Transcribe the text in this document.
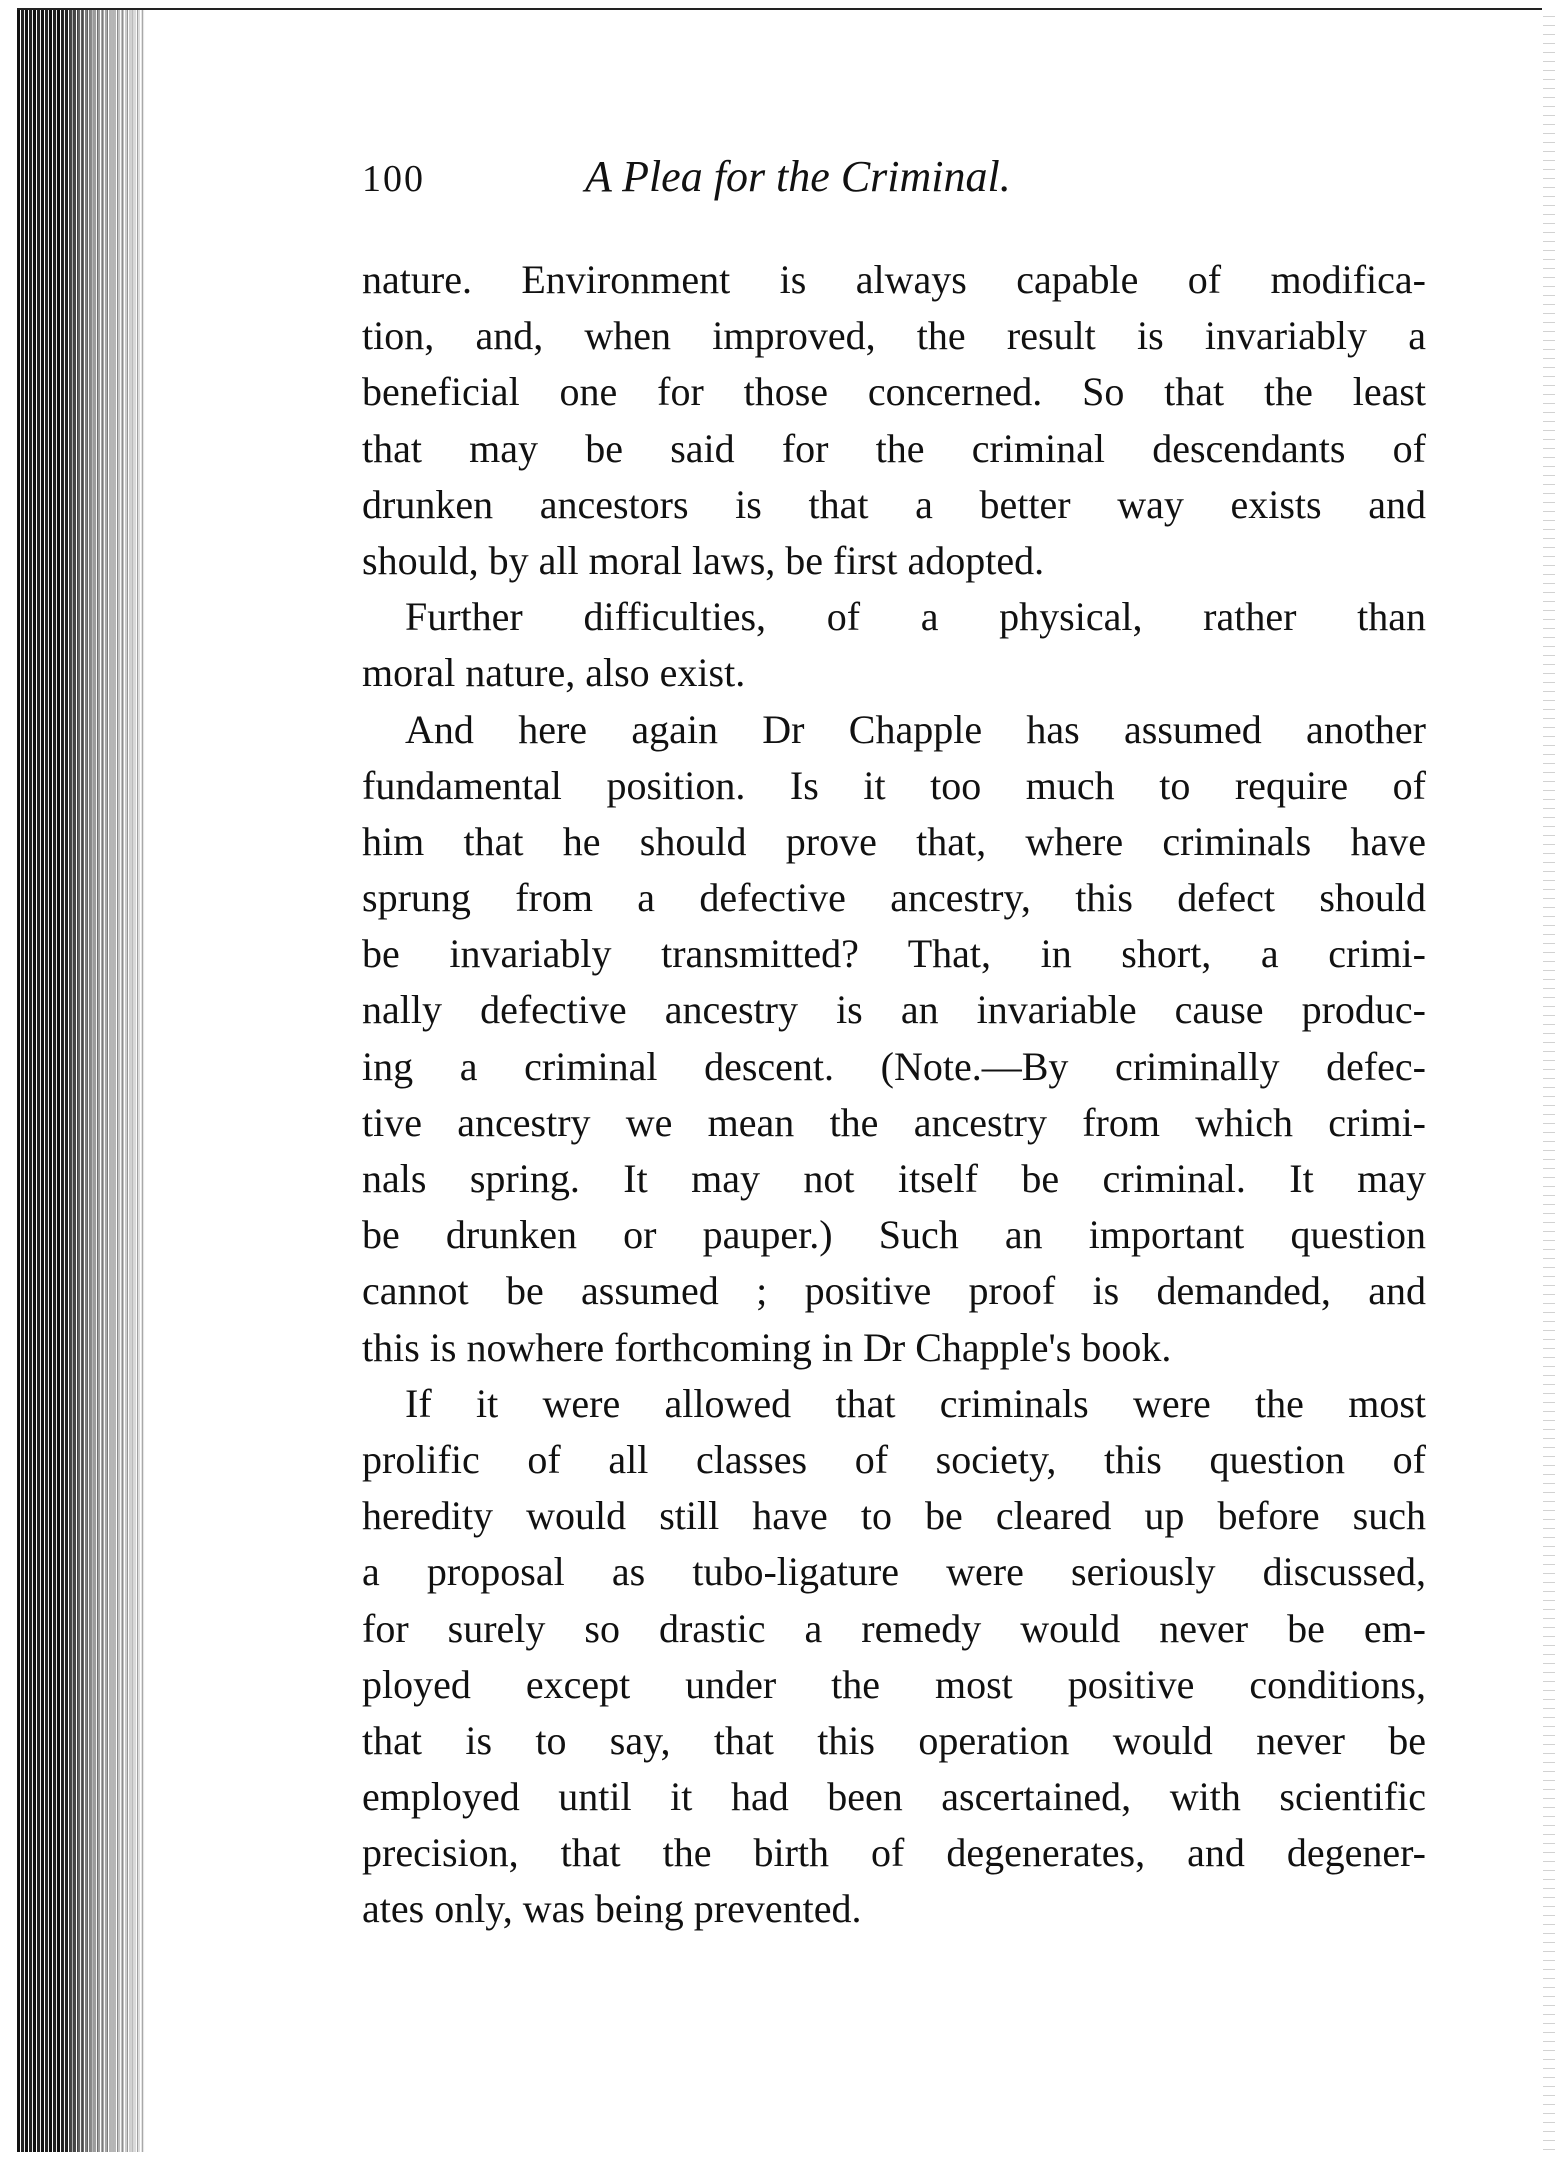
100	A Plea for the Criminal.
nature. Environment is always capable of modifica-
tion, and, when improved, the result is invariably a
beneficial one for those concerned. So that the least
that may be said for the criminal descendants of
drunken ancestors is that a better way exists and
should, by all moral laws, be first adopted.
Further difficulties, of a physical, rather than
moral nature, also exist.
And here again Dr Chapple has assumed another
fundamental position. Is it too much to require of
him that he should prove that, where criminals have
sprung from a defective ancestry, this defect should
be invariably transmitted? That, in short, a crimi-
nally defective ancestry is an invariable cause produc-
ing a criminal descent. (Note.—By criminally defec-
tive ancestry we mean the ancestry from which crimi-
nals spring. It may not itself be criminal. It may
be drunken or pauper.) Such an important question
cannot be assumed ; positive proof is demanded, and
this is nowhere forthcoming in Dr Chapple's book.
If it were allowed that criminals were the most
prolific of all classes of society, this question of
heredity would still have to be cleared up before such
a proposal as tubo-ligature were seriously discussed,
for surely so drastic a remedy would never be em-
ployed except under the most positive conditions,
that is to say, that this operation would never be
employed until it had been ascertained, with scientific
precision, that the birth of degenerates, and degener-
ates only, was being prevented.
